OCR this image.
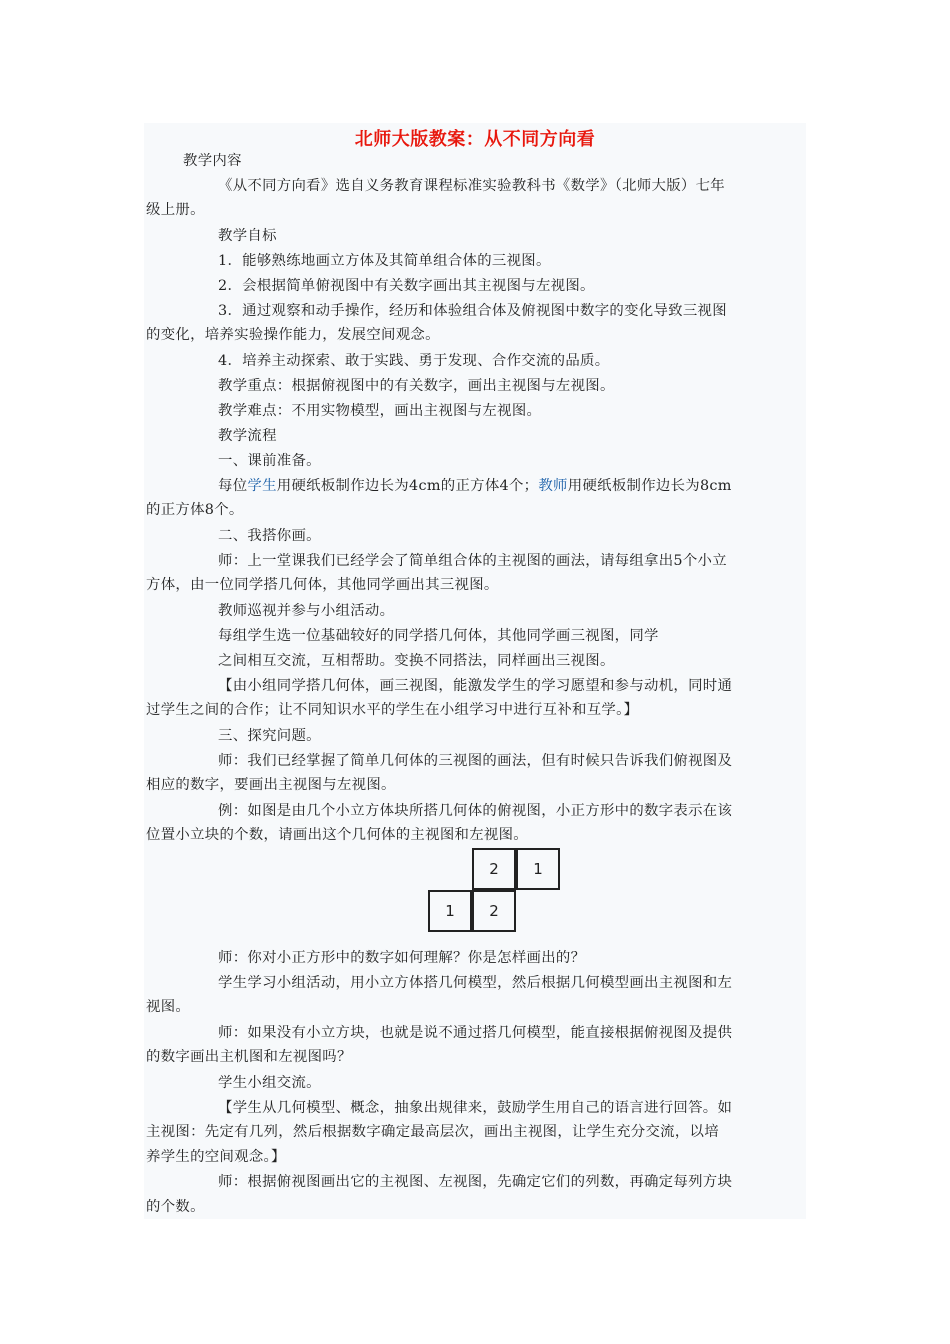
北师大版教案：从不同方向看
教学内容
《从不同方向看》选自义务教育课程标准实验教科书《数学》（北师大版）七年
级上册。
教学自标
1．能够熟练地画立方体及其简单组合体的三视图。
2．会根据简单俯视图中有关数字画出其主视图与左视图。
3．通过观察和动手操作，经历和体验组合体及俯视图中数字的变化导致三视图
的变化，培养实验操作能力，发展空间观念。
4．培养主动探索、敢于实践、勇于发现、合作交流的品质。
教学重点：根据俯视图中的有关数字，画出主视图与左视图。
教学难点：不用实物模型，画出主视图与左视图。
教学流程
一、课前准备。
每位学生用硬纸板制作边长为4cm的正方体4个；教师用硬纸板制作边长为8cm
的正方体8个。
二、我搭你画。
师：上一堂课我们已经学会了简单组合体的主视图的画法，请每组拿出5个小立
方体，由一位同学搭几何体，其他同学画出其三视图。
教师巡视并参与小组活动。
每组学生选一位基础较好的同学搭几何体，其他同学画三视图，同学
之间相互交流，互相帮助。变换不同搭法，同样画出三视图。
【由小组同学搭几何体，画三视图，能激发学生的学习愿望和参与动机，同时通
过学生之间的合作；让不同知识水平的学生在小组学习中进行互补和互学。】
三、探究问题。
师：我们已经掌握了简单几何体的三视图的画法，但有时候只告诉我们俯视图及
相应的数字，要画出主视图与左视图。
例：如图是由几个小立方体块所搭几何体的俯视图，小正方形中的数字表示在该
位置小立块的个数，请画出这个几何体的主视图和左视图。
2	1
1	2
师：你对小正方形中的数字如何理解？你是怎样画出的？
学生学习小组活动，用小立方体搭几何模型，然后根据几何模型画出主视图和左
视图。
师：如果没有小立方块，也就是说不通过搭几何模型，能直接根据俯视图及提供
的数字画出主机图和左视图吗？
学生小组交流。
【学生从几何模型、概念，抽象出规律来，鼓励学生用自己的语言进行回答。如
主视图：先定有几列，然后根据数字确定最高层次，画出主视图，让学生充分交流，以培
养学生的空间观念。】
师：根据俯视图画出它的主视图、左视图，先确定它们的列数，再确定每列方块
的个数。
